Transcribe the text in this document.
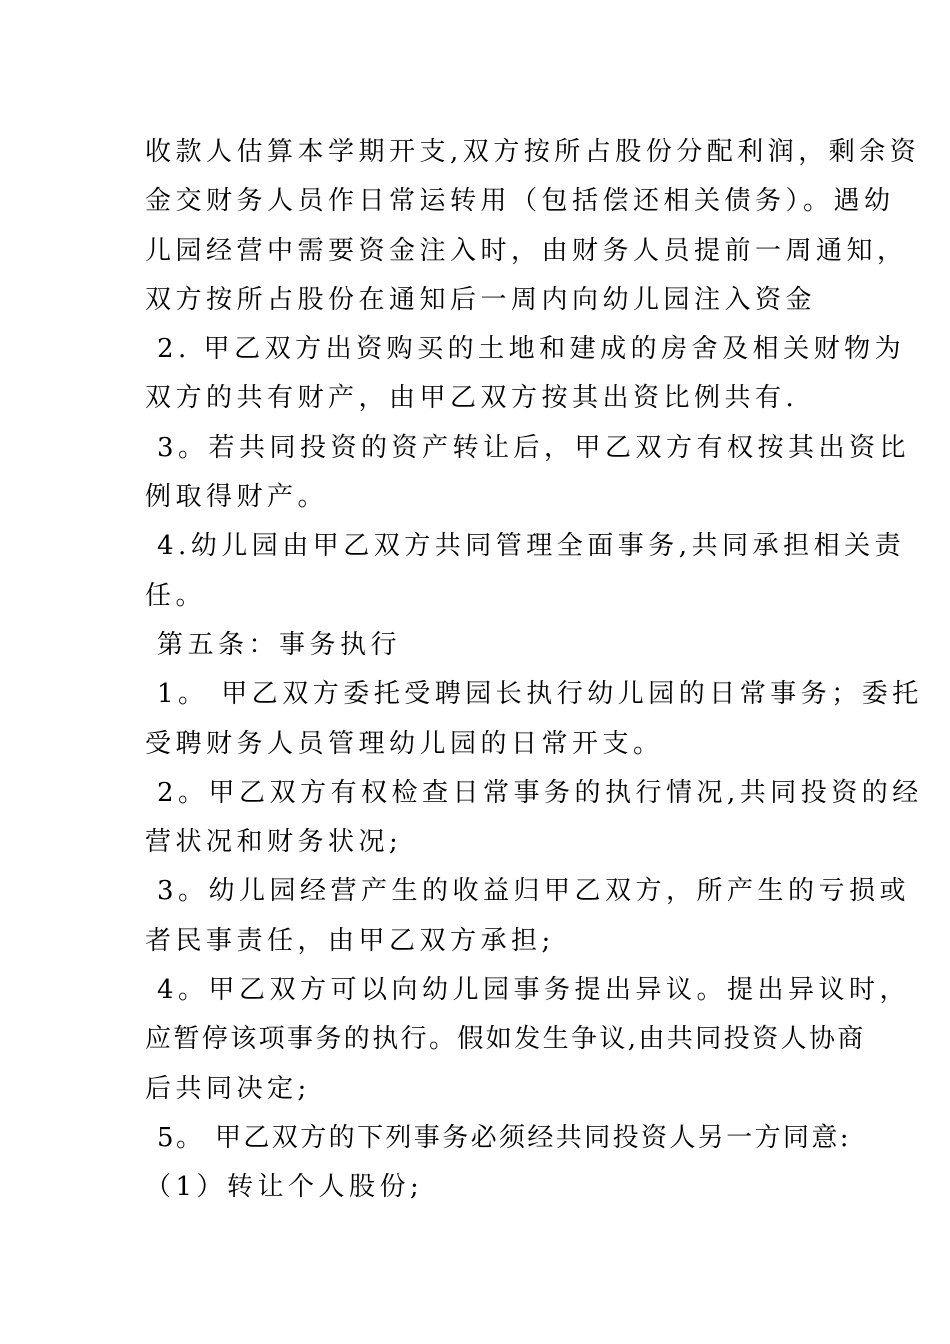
收款人估算本学期开支,双方按所占股份分配利润，剩余资
金交财务人员作日常运转用（包括偿还相关债务）。遇幼
儿园经营中需要资金注入时，由财务人员提前一周通知，
双方按所占股份在通知后一周内向幼儿园注入资金
2. 甲乙双方出资购买的土地和建成的房舍及相关财物为
双方的共有财产，由甲乙双方按其出资比例共有.
3。若共同投资的资产转让后，甲乙双方有权按其出资比
例取得财产。
4.幼儿园由甲乙双方共同管理全面事务,共同承担相关责
任。
第五条：事务执行
1。 甲乙双方委托受聘园长执行幼儿园的日常事务；委托
受聘财务人员管理幼儿园的日常开支。
2。甲乙双方有权检查日常事务的执行情况,共同投资的经
营状况和财务状况;
3。幼儿园经营产生的收益归甲乙双方，所产生的亏损或
者民事责任，由甲乙双方承担;
4。甲乙双方可以向幼儿园事务提出异议。提出异议时，
应暂停该项事务的执行。假如发生争议,由共同投资人协商
后共同决定;
5。 甲乙双方的下列事务必须经共同投资人另一方同意:
（1）转让个人股份;
